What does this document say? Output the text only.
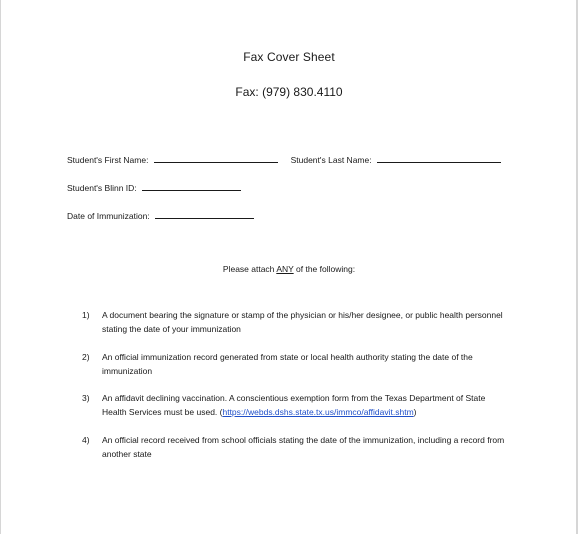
Fax Cover Sheet
Fax: (979) 830.4110
Student's First Name:	Student's Last Name:
Student's Blinn ID:
Date of Immunization:
Please attach ANY of the following:
1)	A document bearing the signature or stamp of the physician or his/her designee, or public health personnel
stating the date of your immunization
2)	An official immunization record generated from state or local health authority stating the date of the
immunization
3)	An affidavit declining vaccination. A conscientious exemption form from the Texas Department of State
Health Services must be used. (https://webds.dshs.state.tx.us/immco/affidavit.shtm)
4)	An official record received from school officials stating the date of the immunization, including a record from
another state
